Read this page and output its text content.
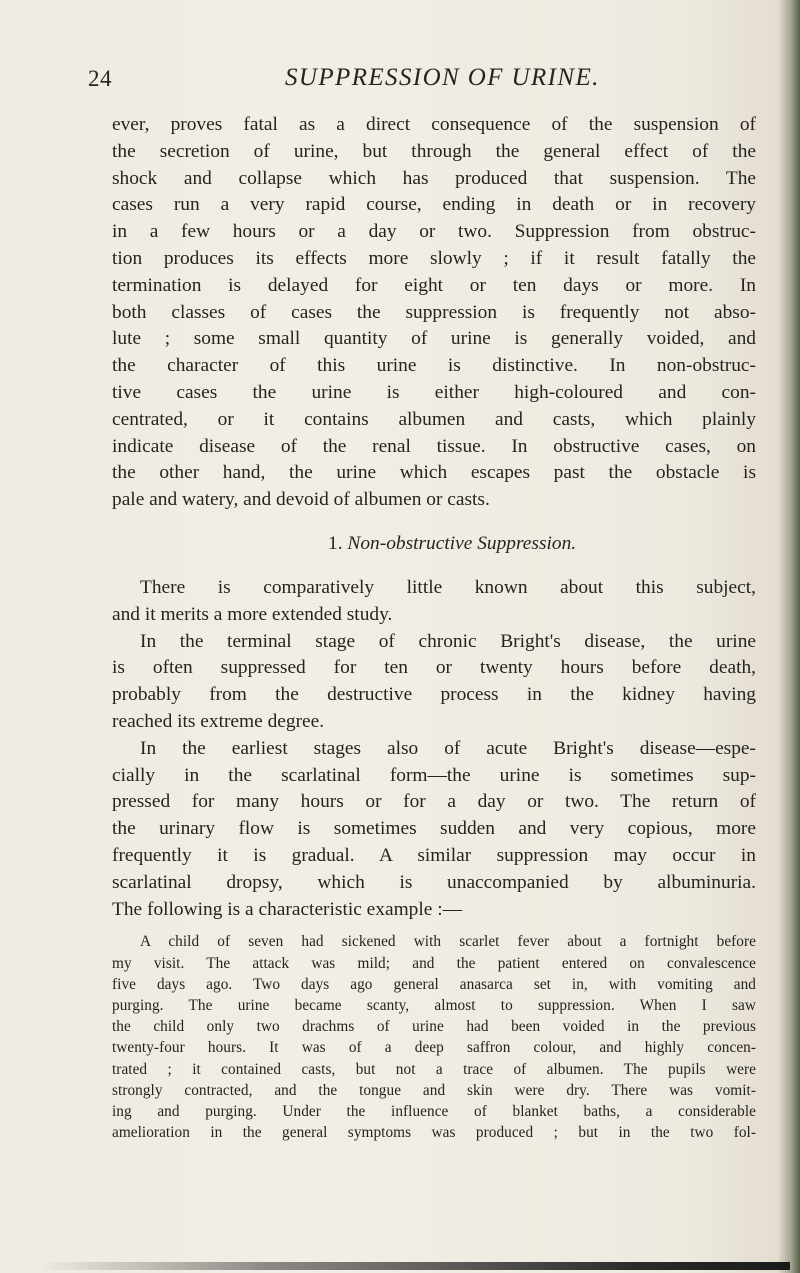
24	SUPPRESSION OF URINE.
ever, proves fatal as a direct consequence of the suspension of
the secretion of urine, but through the general effect of the
shock and collapse which has produced that suspension. The
cases run a very rapid course, ending in death or in recovery
in a few hours or a day or two. Suppression from obstruc-
tion produces its effects more slowly ; if it result fatally the
termination is delayed for eight or ten days or more. In
both classes of cases the suppression is frequently not abso-
lute ; some small quantity of urine is generally voided, and
the character of this urine is distinctive. In non-obstruc-
tive cases the urine is either high-coloured and con-
centrated, or it contains albumen and casts, which plainly
indicate disease of the renal tissue. In obstructive cases, on
the other hand, the urine which escapes past the obstacle is
pale and watery, and devoid of albumen or casts.
1. Non-obstructive Suppression.
There is comparatively little known about this subject,
and it merits a more extended study.
In the terminal stage of chronic Bright's disease, the urine
is often suppressed for ten or twenty hours before death,
probably from the destructive process in the kidney having
reached its extreme degree.
In the earliest stages also of acute Bright's disease—espe-
cially in the scarlatinal form—the urine is sometimes sup-
pressed for many hours or for a day or two. The return of
the urinary flow is sometimes sudden and very copious, more
frequently it is gradual. A similar suppression may occur in
scarlatinal dropsy, which is unaccompanied by albuminuria.
The following is a characteristic example :—
A child of seven had sickened with scarlet fever about a fortnight before
my visit. The attack was mild; and the patient entered on convalescence
five days ago. Two days ago general anasarca set in, with vomiting and
purging. The urine became scanty, almost to suppression. When I saw
the child only two drachms of urine had been voided in the previous
twenty-four hours. It was of a deep saffron colour, and highly concen-
trated ; it contained casts, but not a trace of albumen. The pupils were
strongly contracted, and the tongue and skin were dry. There was vomit-
ing and purging. Under the influence of blanket baths, a considerable
amelioration in the general symptoms was produced ; but in the two fol-
